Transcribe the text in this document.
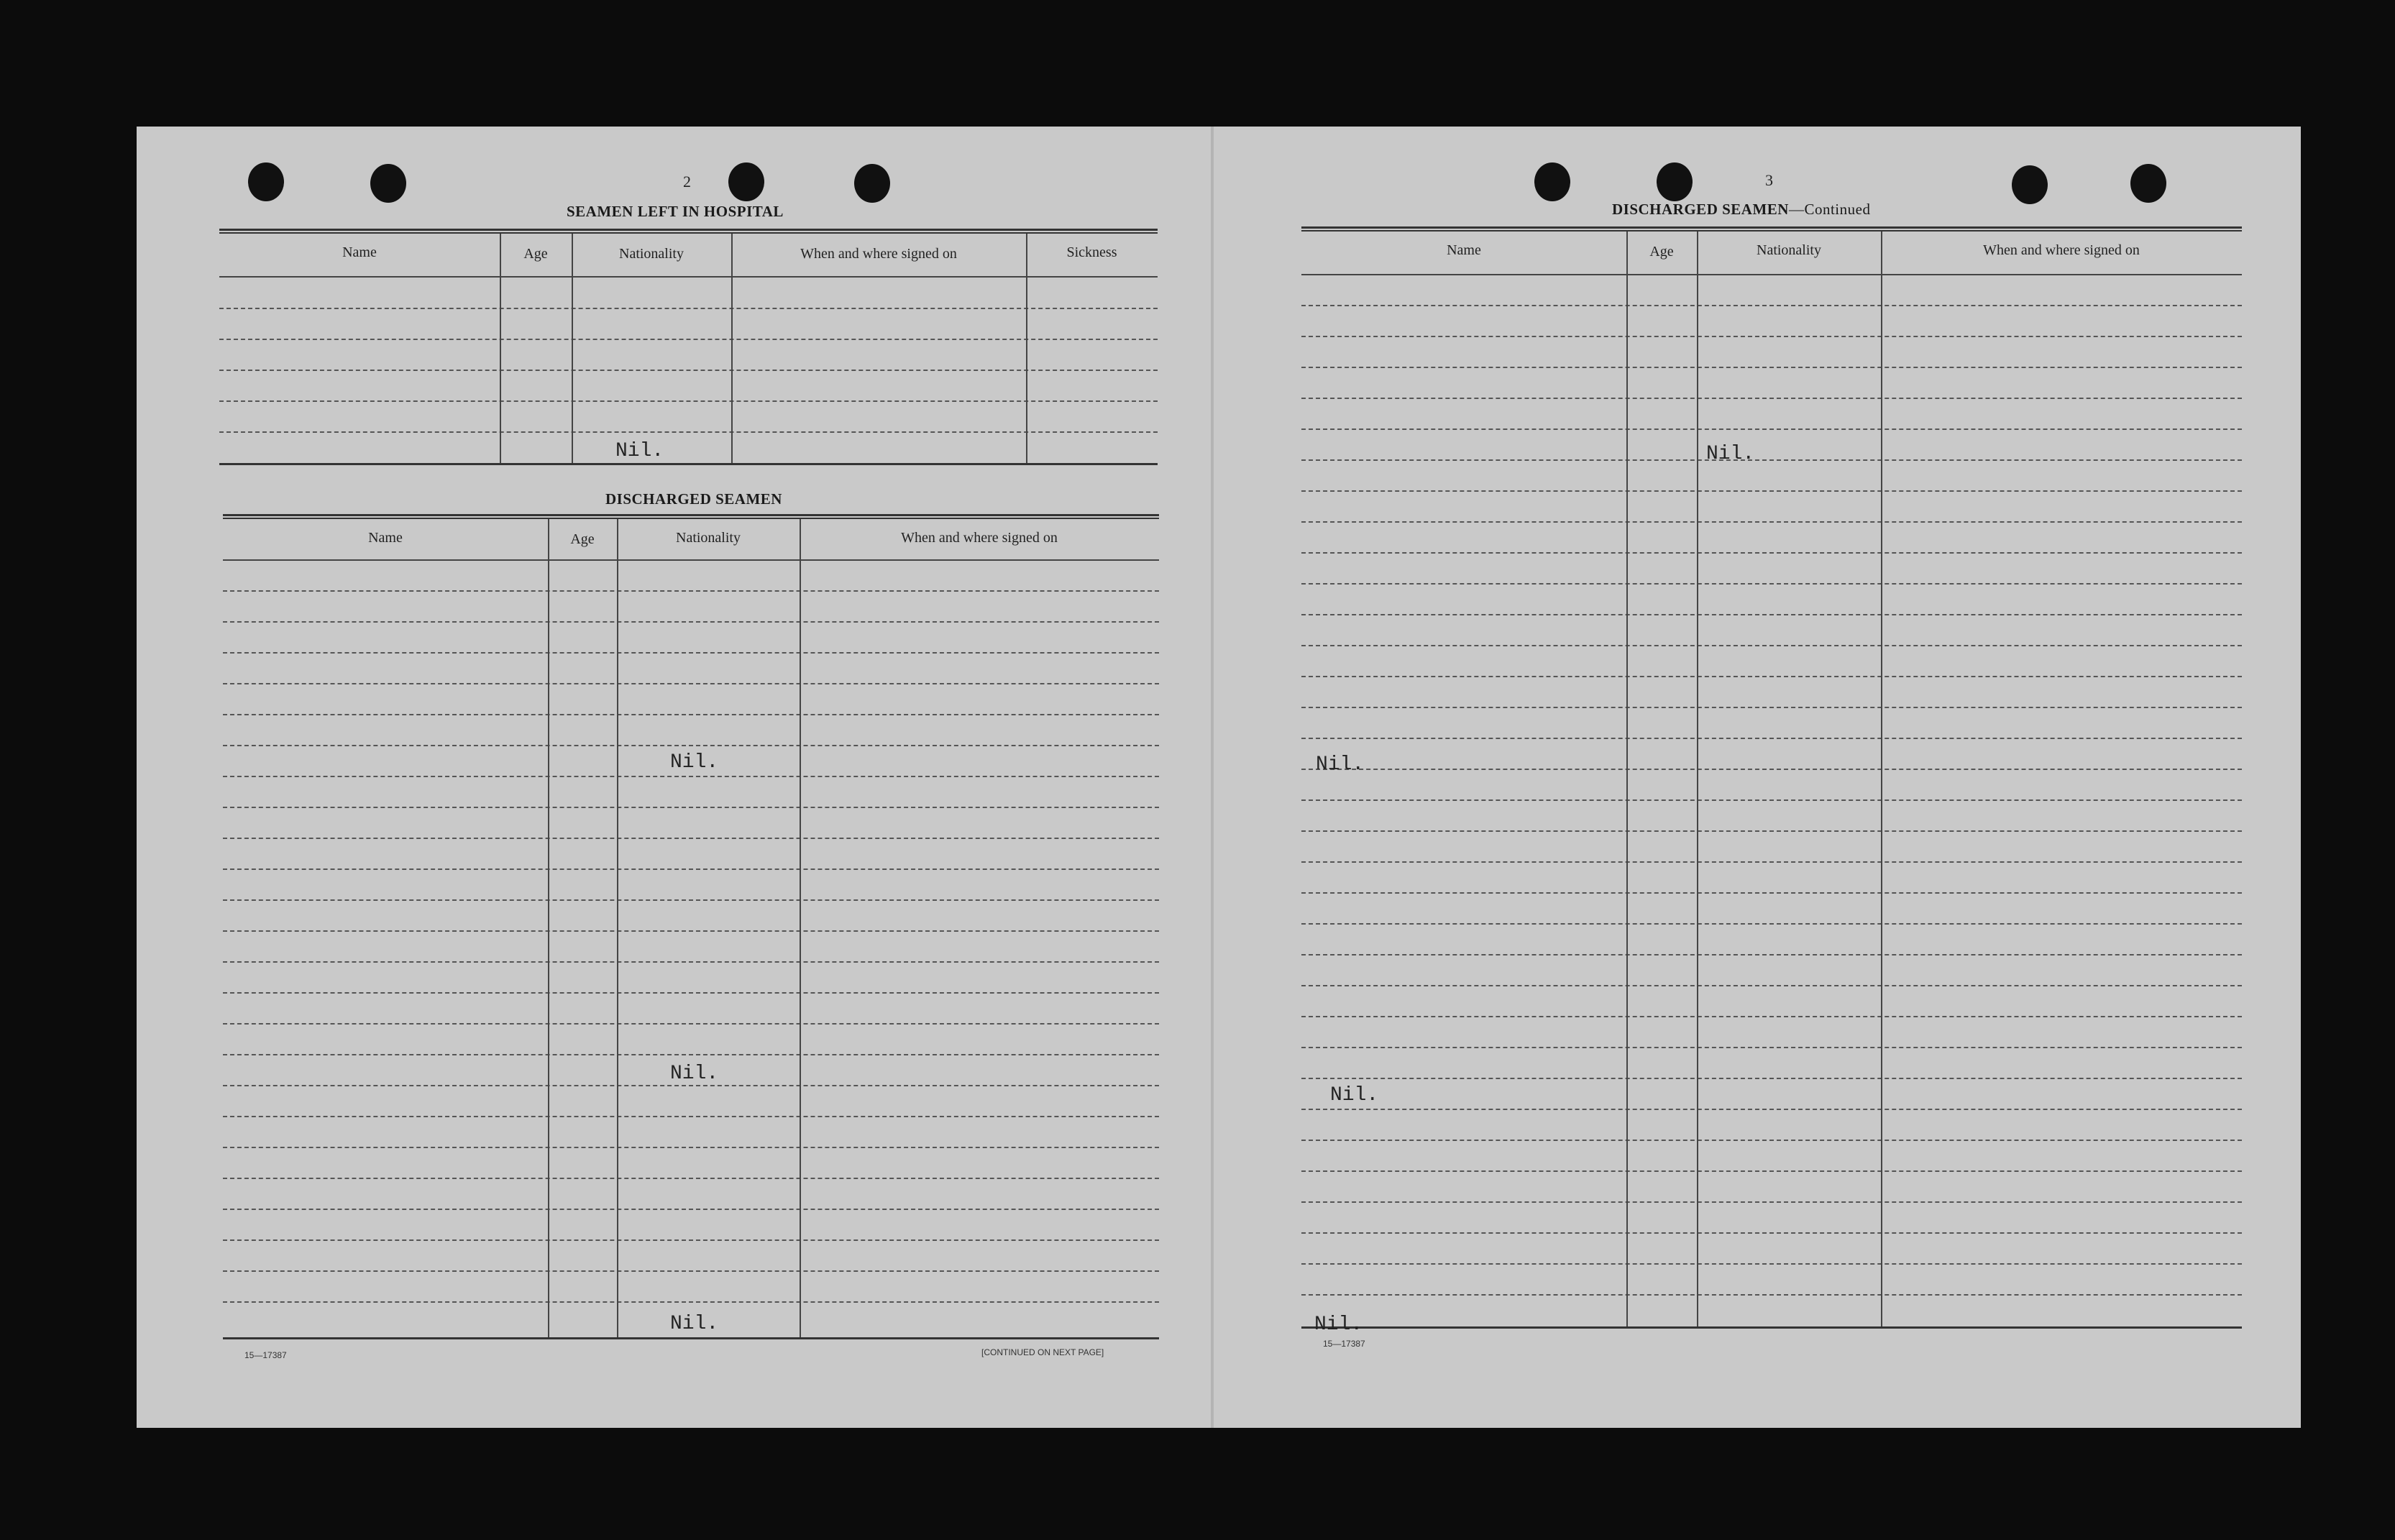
2
SEAMEN LEFT IN HOSPITAL
Name	Age	Nationality	When and where signed on	Sickness
Nil.
DISCHARGED SEAMEN
Name	Age	Nationality	When and where signed on
Nil.
Nil.
Nil.
15—17387	[CONTINUED ON NEXT PAGE]
3
DISCHARGED SEAMEN—Continued
Name	Age	Nationality	When and where signed on
Nil.
Nil.
Nil.
Nil.
15—17387
